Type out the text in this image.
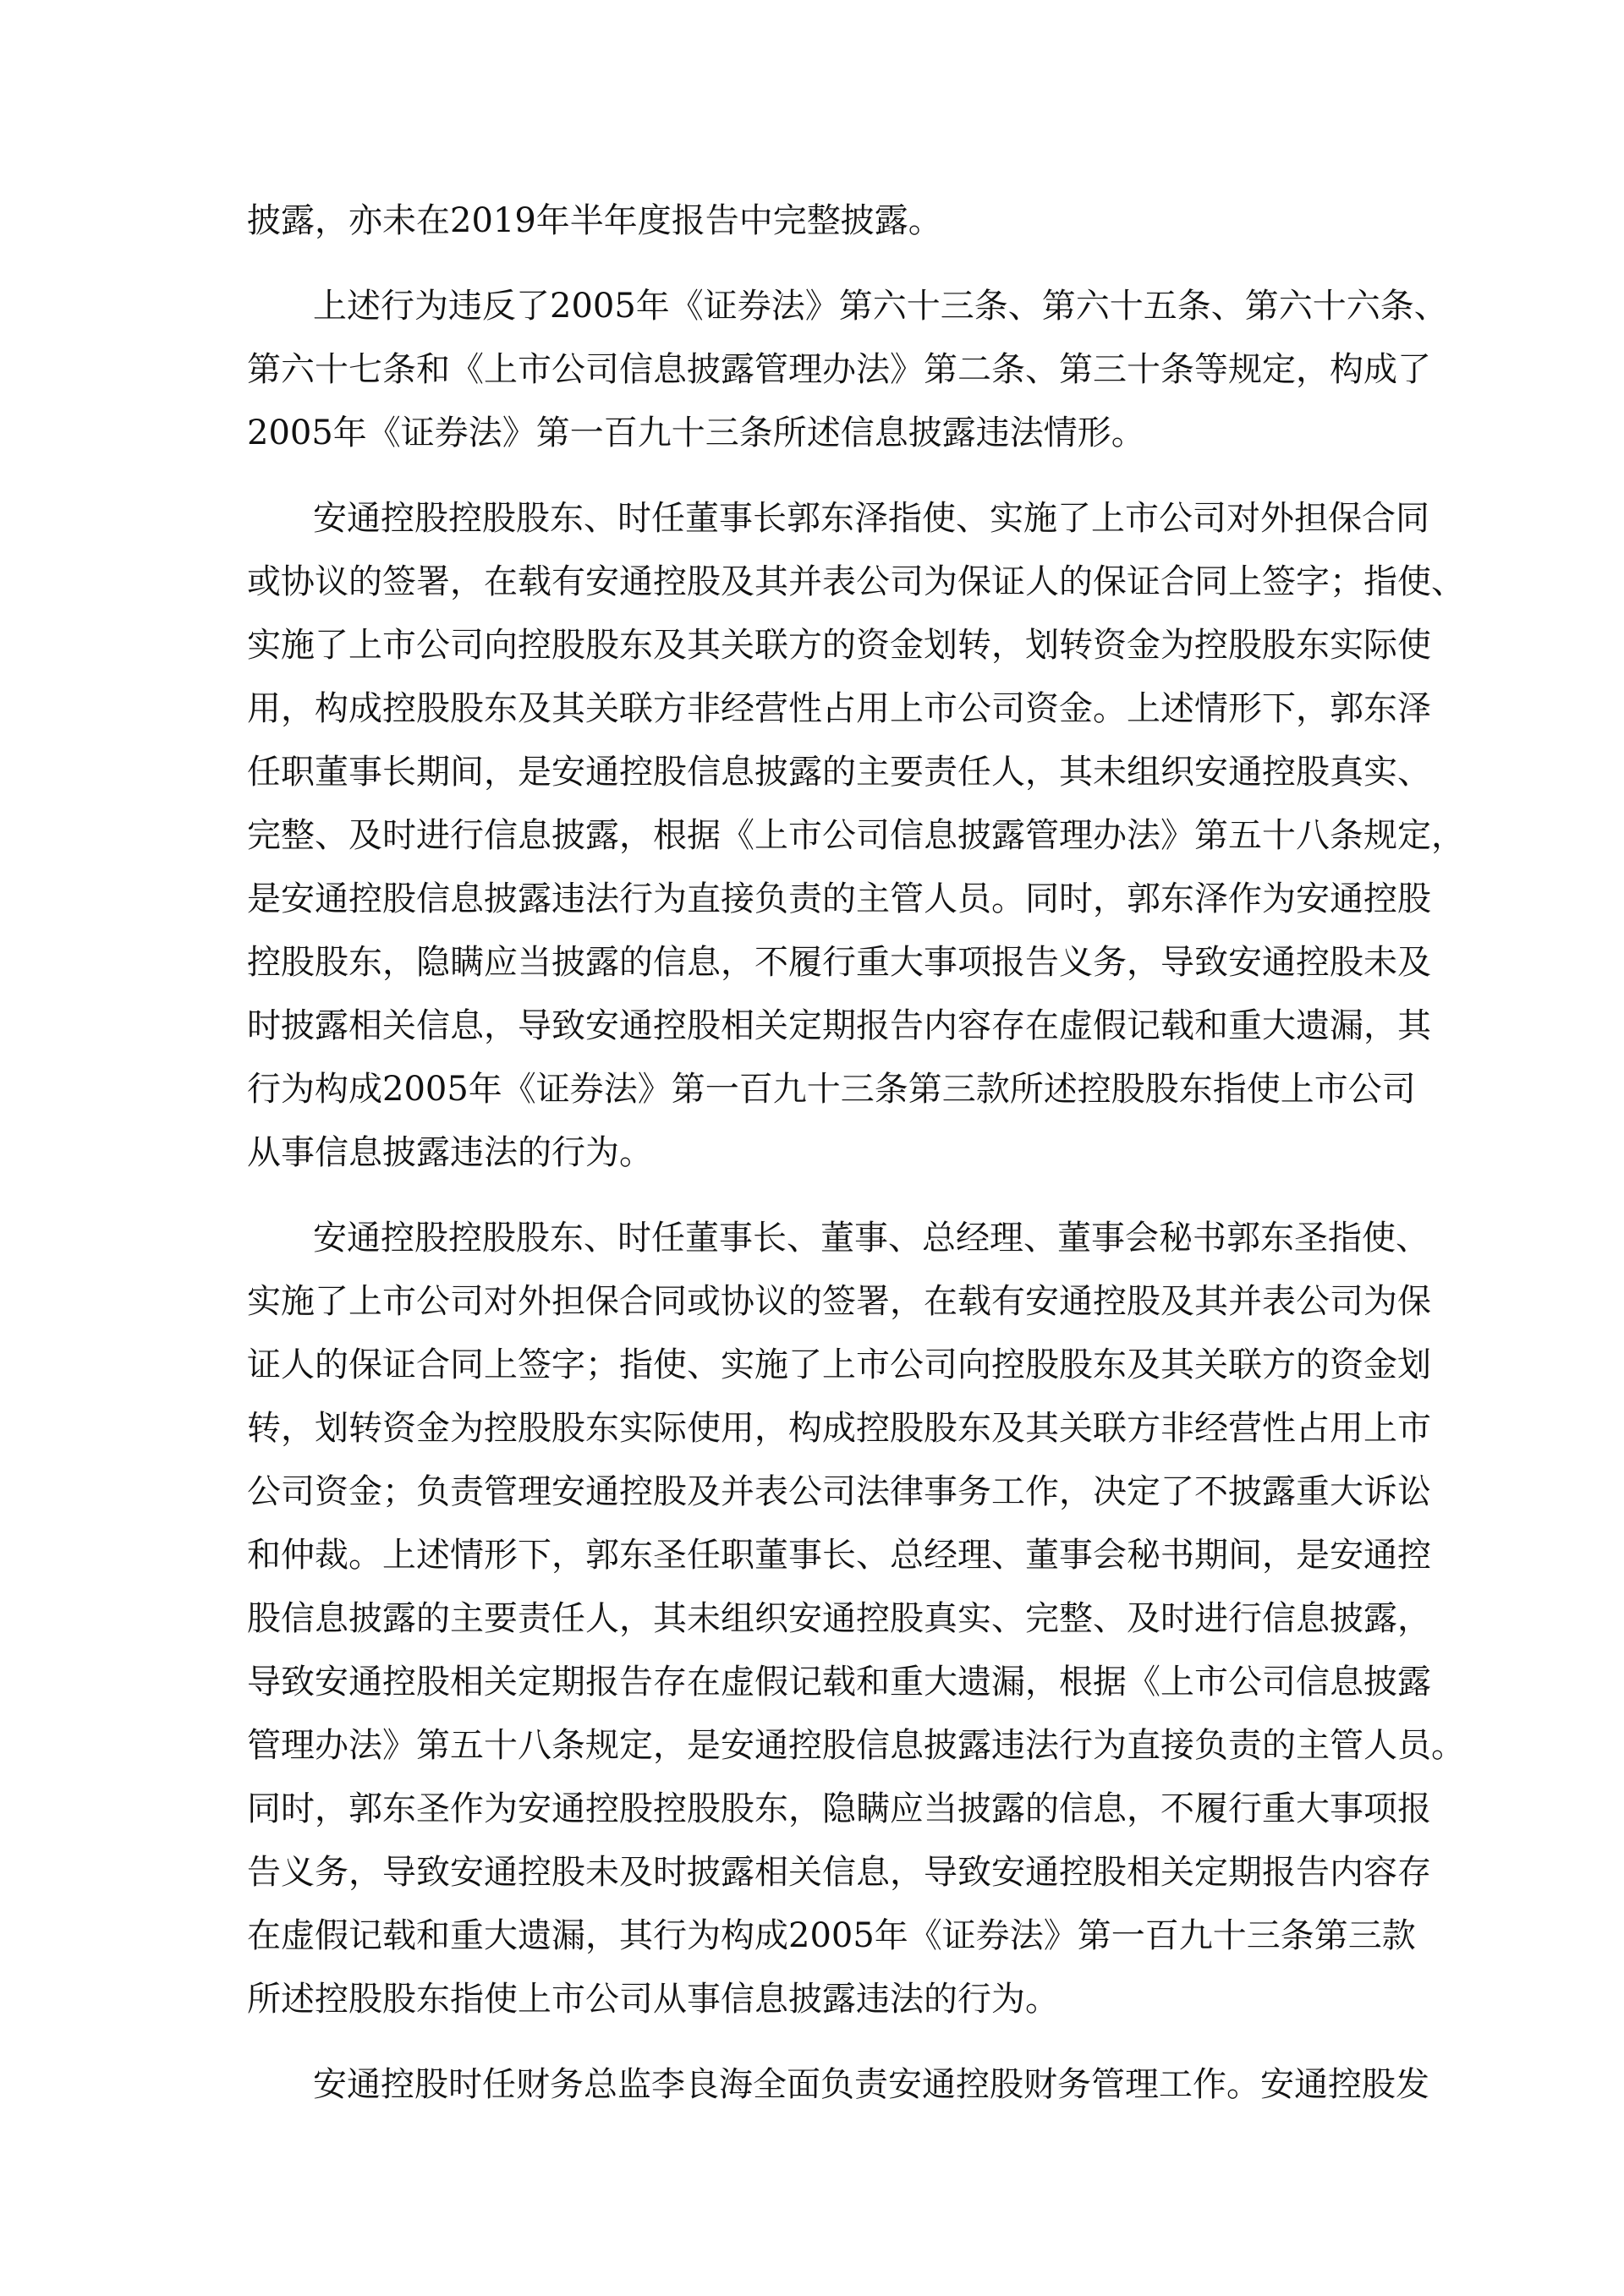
披露，亦未在2019年半年度报告中完整披露。
上述行为违反了2005年《证券法》第六十三条、第六十五条、第六十六条、
第六十七条和《上市公司信息披露管理办法》第二条、第三十条等规定，构成了
2005年《证券法》第一百九十三条所述信息披露违法情形。
安通控股控股股东、时任董事长郭东泽指使、实施了上市公司对外担保合同
或协议的签署，在载有安通控股及其并表公司为保证人的保证合同上签字；指使、
实施了上市公司向控股股东及其关联方的资金划转，划转资金为控股股东实际使
用，构成控股股东及其关联方非经营性占用上市公司资金。上述情形下，郭东泽
任职董事长期间，是安通控股信息披露的主要责任人，其未组织安通控股真实、
完整、及时进行信息披露，根据《上市公司信息披露管理办法》第五十八条规定，
是安通控股信息披露违法行为直接负责的主管人员。同时，郭东泽作为安通控股
控股股东，隐瞒应当披露的信息，不履行重大事项报告义务，导致安通控股未及
时披露相关信息，导致安通控股相关定期报告内容存在虚假记载和重大遗漏，其
行为构成2005年《证券法》第一百九十三条第三款所述控股股东指使上市公司
从事信息披露违法的行为。
安通控股控股股东、时任董事长、董事、总经理、董事会秘书郭东圣指使、
实施了上市公司对外担保合同或协议的签署，在载有安通控股及其并表公司为保
证人的保证合同上签字；指使、实施了上市公司向控股股东及其关联方的资金划
转，划转资金为控股股东实际使用，构成控股股东及其关联方非经营性占用上市
公司资金；负责管理安通控股及并表公司法律事务工作，决定了不披露重大诉讼
和仲裁。上述情形下，郭东圣任职董事长、总经理、董事会秘书期间，是安通控
股信息披露的主要责任人，其未组织安通控股真实、完整、及时进行信息披露，
导致安通控股相关定期报告存在虚假记载和重大遗漏，根据《上市公司信息披露
管理办法》第五十八条规定，是安通控股信息披露违法行为直接负责的主管人员。
同时，郭东圣作为安通控股控股股东，隐瞒应当披露的信息，不履行重大事项报
告义务，导致安通控股未及时披露相关信息，导致安通控股相关定期报告内容存
在虚假记载和重大遗漏，其行为构成2005年《证券法》第一百九十三条第三款
所述控股股东指使上市公司从事信息披露违法的行为。
安通控股时任财务总监李良海全面负责安通控股财务管理工作。安通控股发
